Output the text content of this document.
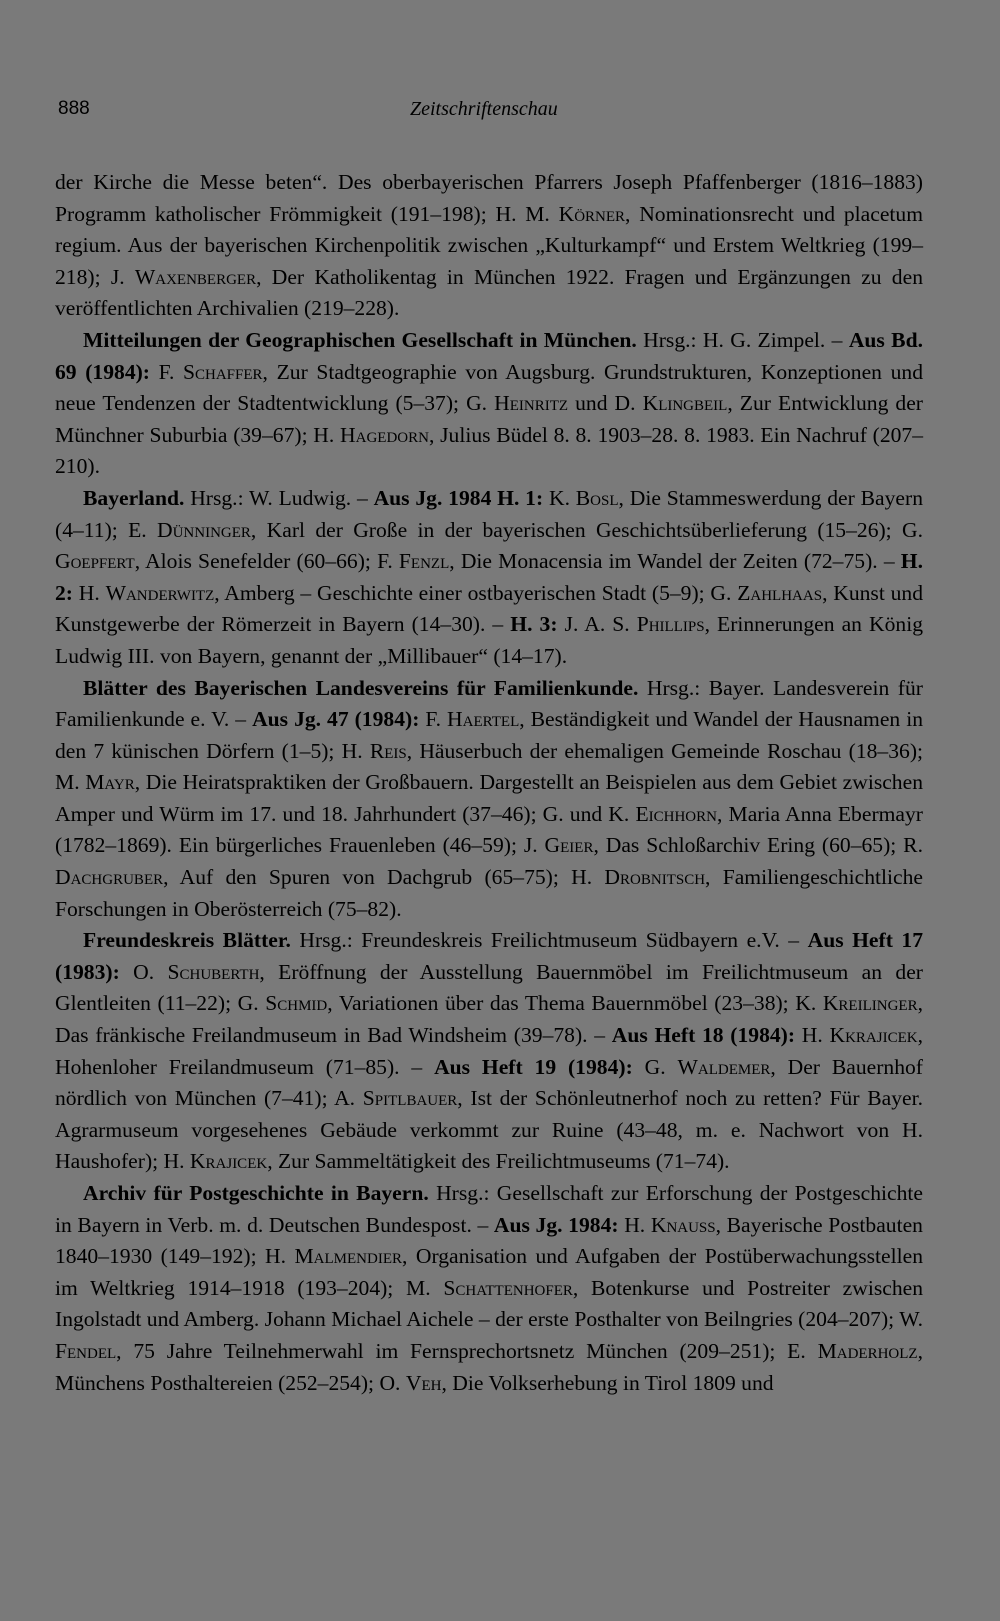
888	Zeitschriftenschau

der Kirche die Messe beten“. Des oberbayerischen Pfarrers Joseph Pfaffenberger (1816–1883) Programm katholischer Frömmigkeit (191–198); H. M. Körner, Nominationsrecht und placetum regium. Aus der bayerischen Kirchenpolitik zwischen „Kulturkampf“ und Erstem Weltkrieg (199–218); J. Waxenberger, Der Katholikentag in München 1922. Fragen und Ergänzungen zu den veröffentlichten Archivalien (219–228).

Mitteilungen der Geographischen Gesellschaft in München. Hrsg.: H. G. Zimpel. – Aus Bd. 69 (1984): F. Schaffer, Zur Stadtgeographie von Augsburg. Grundstrukturen, Konzeptionen und neue Tendenzen der Stadtentwicklung (5–37); G. Heinritz und D. Klingbeil, Zur Entwicklung der Münchner Suburbia (39–67); H. Hagedorn, Julius Büdel 8. 8. 1903–28. 8. 1983. Ein Nachruf (207–210).

Bayerland. Hrsg.: W. Ludwig. – Aus Jg. 1984 H. 1: K. Bosl, Die Stammeswerdung der Bayern (4–11); E. Dünninger, Karl der Große in der bayerischen Geschichtsüberlieferung (15–26); G. Goepfert, Alois Senefelder (60–66); F. Fenzl, Die Monacensia im Wandel der Zeiten (72–75). – H. 2: H. Wanderwitz, Amberg – Geschichte einer ostbayerischen Stadt (5–9); G. Zahlhaas, Kunst und Kunstgewerbe der Römerzeit in Bayern (14–30). – H. 3: J. A. S. Phillips, Erinnerungen an König Ludwig III. von Bayern, genannt der „Millibauer“ (14–17).

Blätter des Bayerischen Landesvereins für Familienkunde. Hrsg.: Bayer. Landesverein für Familienkunde e. V. – Aus Jg. 47 (1984): F. Haertel, Beständigkeit und Wandel der Hausnamen in den 7 künischen Dörfern (1–5); H. Reis, Häuserbuch der ehemaligen Gemeinde Roschau (18–36); M. Mayr, Die Heiratspraktiken der Großbauern. Dargestellt an Beispielen aus dem Gebiet zwischen Amper und Würm im 17. und 18. Jahrhundert (37–46); G. und K. Eichhorn, Maria Anna Ebermayr (1782–1869). Ein bürgerliches Frauenleben (46–59); J. Geier, Das Schloßarchiv Ering (60–65); R. Dachgruber, Auf den Spuren von Dachgrub (65–75); H. Drobnitsch, Familiengeschichtliche Forschungen in Oberösterreich (75–82).

Freundeskreis Blätter. Hrsg.: Freundeskreis Freilichtmuseum Südbayern e.V. – Aus Heft 17 (1983): O. Schuberth, Eröffnung der Ausstellung Bauernmöbel im Freilichtmuseum an der Glentleiten (11–22); G. Schmid, Variationen über das Thema Bauernmöbel (23–38); K. Kreilinger, Das fränkische Freilandmuseum in Bad Windsheim (39–78). – Aus Heft 18 (1984): H. Kkrajicek, Hohenloher Freilandmuseum (71–85). – Aus Heft 19 (1984): G. Waldemer, Der Bauernhof nördlich von München (7–41); A. Spitlbauer, Ist der Schönleutnerhof noch zu retten? Für Bayer. Agrarmuseum vorgesehenes Gebäude verkommt zur Ruine (43–48, m. e. Nachwort von H. Haushofer); H. Krajicek, Zur Sammeltätigkeit des Freilichtmuseums (71–74).

Archiv für Postgeschichte in Bayern. Hrsg.: Gesellschaft zur Erforschung der Postgeschichte in Bayern in Verb. m. d. Deutschen Bundespost. – Aus Jg. 1984: H. Knauss, Bayerische Postbauten 1840–1930 (149–192); H. Malmendier, Organisation und Aufgaben der Postüberwachungsstellen im Weltkrieg 1914–1918 (193–204); M. Schattenhofer, Botenkurse und Postreiter zwischen Ingolstadt und Amberg. Johann Michael Aichele – der erste Posthalter von Beilngries (204–207); W. Fendel, 75 Jahre Teilnehmerwahl im Fernsprechortsnetz München (209–251); E. Maderholz, Münchens Posthaltereien (252–254); O. Veh, Die Volkserhebung in Tirol 1809 und
